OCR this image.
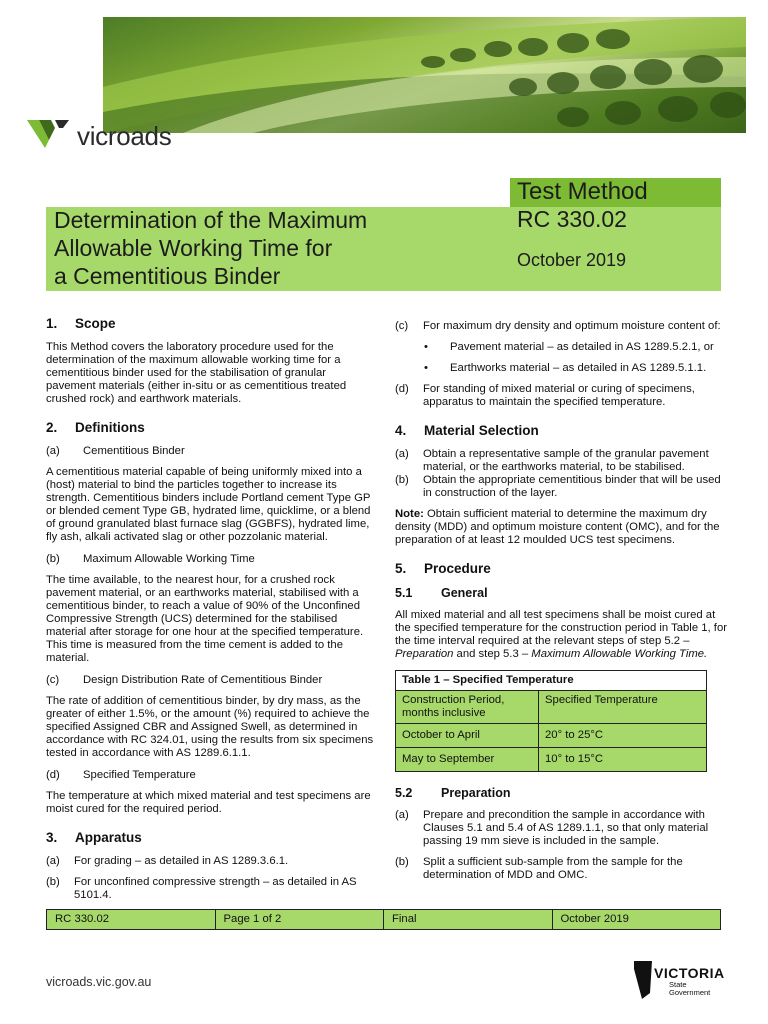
vicroads
Test Method
Determination of the Maximum
Allowable Working Time for
a Cementitious Binder
RC 330.02
October 2019
1.	Scope

This Method covers the laboratory procedure used for the determination of the maximum allowable working time for a cementitious binder used for the stabilisation of granular pavement materials (either in-situ or as cementitious treated crushed rock) and earthwork materials.

2.	Definitions
(a)	Cementitious Binder

A cementitious material capable of being uniformly mixed into a (host) material to bind the particles together to increase its strength. Cementitious binders include Portland cement Type GP or blended cement Type GB, hydrated lime, quicklime, or a blend of ground granulated blast furnace slag (GGBFS), hydrated lime, fly ash, alkali activated slag or other pozzolanic material.

(b)	Maximum Allowable Working Time

The time available, to the nearest hour, for a crushed rock pavement material, or an earthworks material, stabilised with a cementitious binder, to reach a value of 90% of the Unconfined Compressive Strength (UCS) determined for the stabilised material after storage for one hour at the specified temperature. This time is measured from the time cement is added to the material.

(c)	Design Distribution Rate of Cementitious Binder

The rate of addition of cementitious binder, by dry mass, as the greater of either 1.5%, or the amount (%) required to achieve the specified Assigned CBR and Assigned Swell, as determined in accordance with RC 324.01, using the results from six specimens tested in accordance with AS 1289.6.1.1.

(d)	Specified Temperature

The temperature at which mixed material and test specimens are moist cured for the required period.

3.	Apparatus
(a)	For grading – as detailed in AS 1289.3.6.1.
(b)	For unconfined compressive strength – as detailed in AS 5101.4.
(c)	For maximum dry density and optimum moisture content of:
•	Pavement material – as detailed in AS 1289.5.2.1, or
•	Earthworks material – as detailed in AS 1289.5.1.1.
(d)	For standing of mixed material or curing of specimens, apparatus to maintain the specified temperature.
4.	Material Selection
(a)	Obtain a representative sample of the granular pavement material, or the earthworks material, to be stabilised.
(b)	Obtain the appropriate cementitious binder that will be used in construction of the layer.

Note: Obtain sufficient material to determine the maximum dry density (MDD) and optimum moisture content (OMC), and for the preparation of at least 12 moulded UCS test specimens.

5.	Procedure
5.1	General

All mixed material and all test specimens shall be moist cured at the specified temperature for the construction period in Table 1, for the time interval required at the relevant steps of step 5.2 – Preparation and step 5.3 – Maximum Allowable Working Time.

Table 1 – Specified Temperature	
Construction Period, months inclusive	Specified Temperature
October to April	20° to 25°C
May to September	10° to 15°C
5.2	Preparation
(a)	Prepare and precondition the sample in accordance with Clauses 5.1 and 5.4 of AS 1289.1.1, so that only material passing 19 mm sieve is included in the sample.
(b)	Split a sufficient sub-sample from the sample for the determination of MDD and OMC.
RC 330.02	Page 1 of 2	Final	October 2019
vicroads.vic.gov.au
VICTORIA
State
Government
